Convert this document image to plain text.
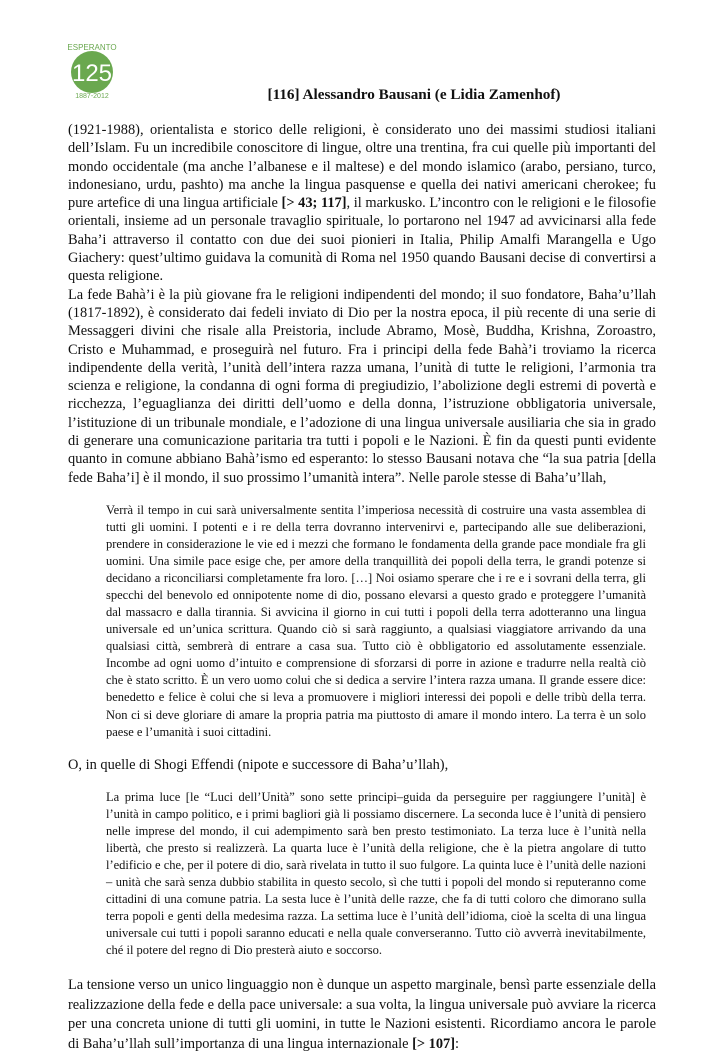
ESPERANTO
125
1887-2012	[116] Alessandro Bausani (e Lidia Zamenhof)

(1921-1988), orientalista e storico delle religioni, è considerato uno dei massimi studiosi italiani dell’Islam. Fu un incredibile conoscitore di lingue, oltre una trentina, fra cui quelle più importanti del mondo occidentale (ma anche l’albanese e il maltese) e del mondo islamico (arabo, persiano, turco, indonesiano, urdu, pashto) ma anche la lingua pasquense e quella dei nativi americani cherokee; fu pure artefice di una lingua artificiale [> 43; 117], il markusko. L’incontro con le religioni e le filosofie orientali, insieme ad un personale travaglio spirituale, lo portarono nel 1947 ad avvicinarsi alla fede Baha’i attraverso il contatto con due dei suoi pionieri in Italia, Philip Amalfi Marangella e Ugo Giachery: quest’ultimo guidava la comunità di Roma nel 1950 quando Bausani decise di convertirsi a questa religione.

La fede Bahà’i è la più giovane fra le religioni indipendenti del mondo; il suo fondatore, Baha’u’llah (1817-1892), è considerato dai fedeli inviato di Dio per la nostra epoca, il più recente di una serie di Messaggeri divini che risale alla Preistoria, include Abramo, Mosè, Buddha, Krishna, Zoroastro, Cristo e Muhammad, e proseguirà nel futuro. Fra i principi della fede Bahà’i troviamo la ricerca indipendente della verità, l’unità dell’intera razza umana, l’unità di tutte le religioni, l’armonia tra scienza e religione, la condanna di ogni forma di pregiudizio, l’abolizione degli estremi di povertà e ricchezza, l’eguaglianza dei diritti dell’uomo e della donna, l’istruzione obbligatoria universale, l’istituzione di un tribunale mondiale, e l’adozione di una lingua universale ausiliaria che sia in grado di generare una comunicazione paritaria tra tutti i popoli e le Nazioni. È fin da questi punti evidente quanto in comune abbiano Bahà’ismo ed esperanto: lo stesso Bausani notava che “la sua patria [della fede Baha’i] è il mondo, il suo prossimo l’umanità intera”. Nelle parole stesse di Baha’u’llah,

Verrà il tempo in cui sarà universalmente sentita l’imperiosa necessità di costruire una vasta assemblea di tutti gli uomini. I potenti e i re della terra dovranno intervenirvi e, partecipando alle sue deliberazioni, prendere in considerazione le vie ed i mezzi che formano le fondamenta della grande pace mondiale fra gli uomini. Una simile pace esige che, per amore della tranquillità dei popoli della terra, le grandi potenze si decidano a riconciliarsi completamente fra loro. […] Noi osiamo sperare che i re e i sovrani della terra, gli specchi del benevolo ed onnipotente nome di dio, possano elevarsi a questo grado e proteggere l’umanità dal massacro e dalla tirannia. Si avvicina il giorno in cui tutti i popoli della terra adotteranno una lingua universale ed un’unica scrittura. Quando ciò si sarà raggiunto, a qualsiasi viaggiatore arrivando da una qualsiasi città, sembrerà di entrare a casa sua. Tutto ciò è obbligatorio ed assolutamente essenziale. Incombe ad ogni uomo d’intuito e comprensione di sforzarsi di porre in azione e tradurre nella realtà ciò che è stato scritto. È un vero uomo colui che si dedica a servire l’intera razza umana. Il grande essere dice: benedetto e felice è colui che si leva a promuovere i migliori interessi dei popoli e delle tribù della terra. Non ci si deve gloriare di amare la propria patria ma piuttosto di amare il mondo intero. La terra è un solo paese e l’umanità i suoi cittadini.

O, in quelle di Shogi Effendi (nipote e successore di Baha’u’llah),

La prima luce [le “Luci dell’Unità” sono sette principi–guida da perseguire per raggiungere l’unità] è l’unità in campo politico, e i primi bagliori già li possiamo discernere. La seconda luce è l’unità di pensiero nelle imprese del mondo, il cui adempimento sarà ben presto testimoniato. La terza luce è l’unità nella libertà, che presto si realizzerà. La quarta luce è l’unità della religione, che è la pietra angolare di tutto l’edificio e che, per il potere di dio, sarà rivelata in tutto il suo fulgore. La quinta luce è l’unità delle nazioni – unità che sarà senza dubbio stabilita in questo secolo, sì che tutti i popoli del mondo si reputeranno come cittadini di una comune patria. La sesta luce è l’unità delle razze, che fa di tutti coloro che dimorano sulla terra popoli e genti della medesima razza. La settima luce è l’unità dell’idioma, cioè la scelta di una lingua universale cui tutti i popoli saranno educati e nella quale converseranno. Tutto ciò avverrà inevitabilmente, ché il potere del regno di Dio presterà aiuto e soccorso.

La tensione verso un unico linguaggio non è dunque un aspetto marginale, bensì parte essenziale della realizzazione della fede e della pace universale: a sua volta, la lingua universale può avviare la ricerca per una concreta unione di tutti gli uomini, in tutte le Nazioni esistenti. Ricordiamo ancora le parole di Baha’u’llah sull’importanza di una lingua internazionale [> 107]:
